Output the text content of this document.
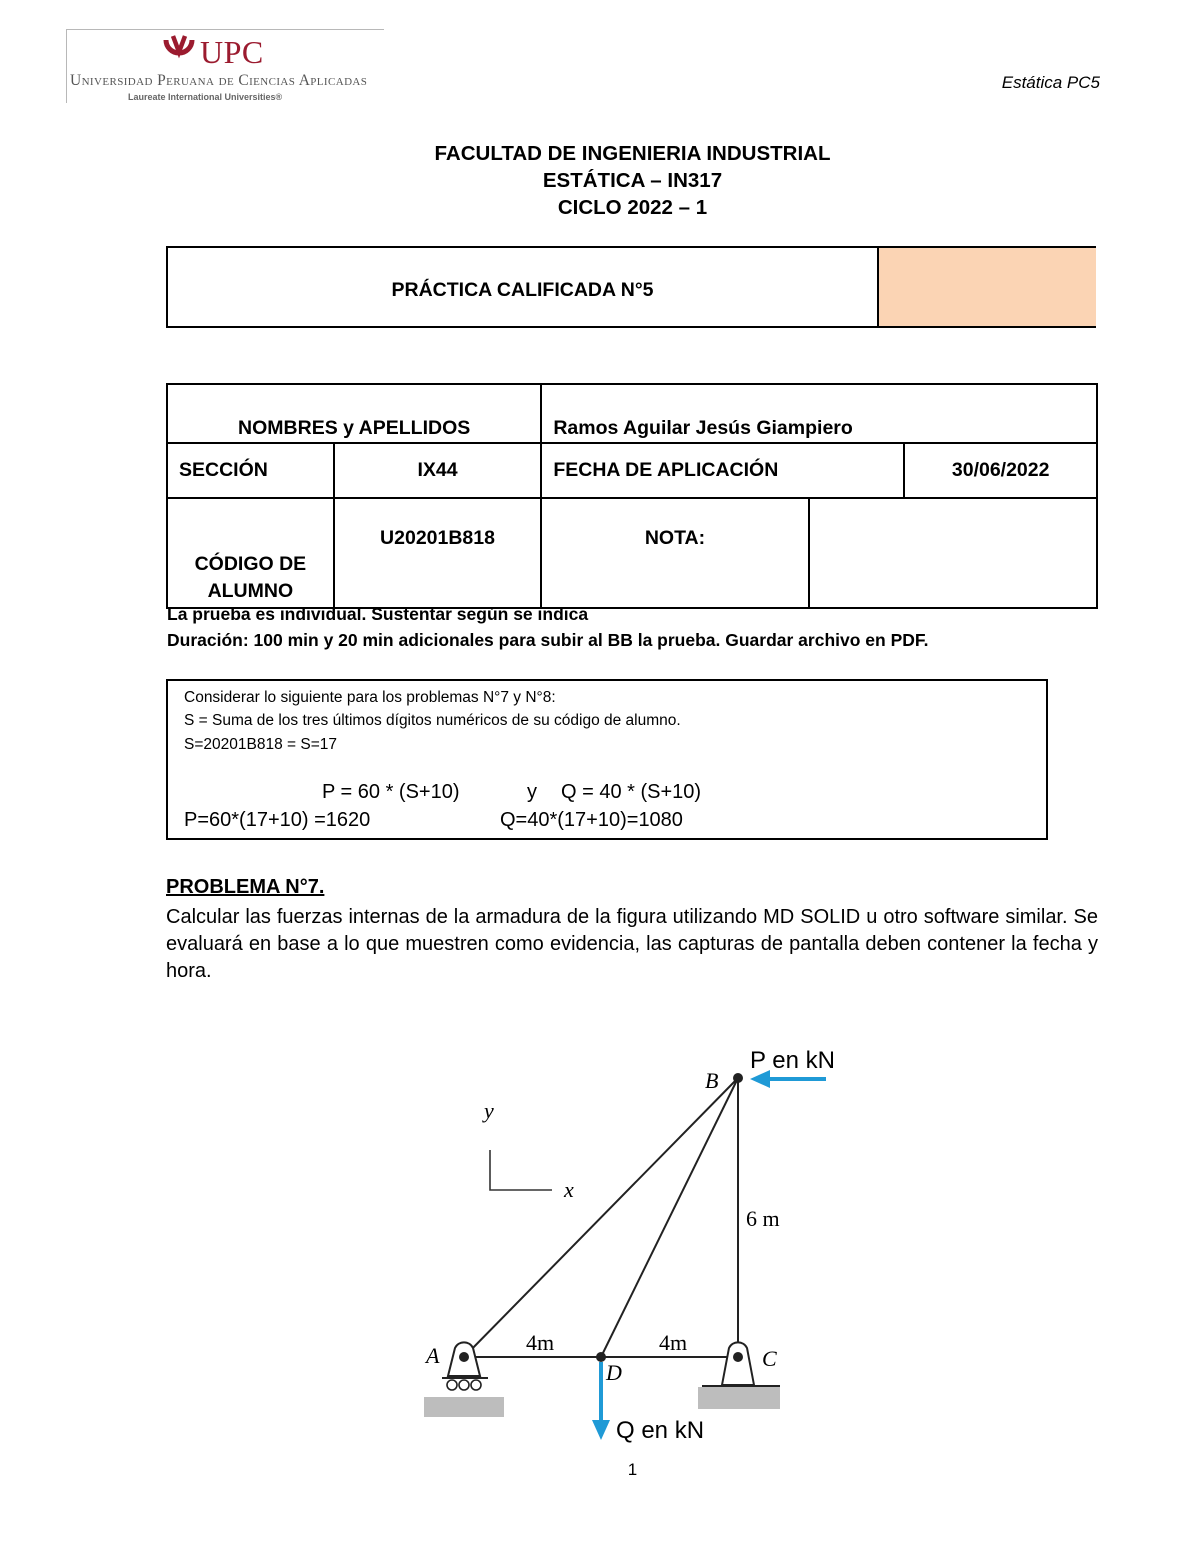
UPC
Universidad Peruana de Ciencias Aplicadas
Laureate International Universities®
Estática PC5
FACULTAD DE INGENIERIA INDUSTRIAL
ESTÁTICA – IN317
CICLO 2022 – 1
PRÁCTICA CALIFICADA N°5
NOMBRES y APELLIDOS		Ramos Aguilar Jesús Giampiero		
SECCIÓN	IX44	FECHA DE APLICACIÓN		30/06/2022
CÓDIGO DE ALUMNO	U20201B818	NOTA:		
La prueba es individual. Sustentar según se indica
Duración: 100 min y 20 min adicionales para subir al BB la prueba. Guardar archivo en PDF.
Considerar lo siguiente para los problemas N°7 y N°8:
S = Suma de los tres últimos dígitos numéricos de su código de alumno.
S=20201B818 = S=17
P = 60 * (S+10)	y Q = 40 * (S+10)
P=60*(17+10) =1620	Q=40*(17+10)=1080
PROBLEMA N°7.
Calcular las fuerzas internas de la armadura de la figura utilizando MD SOLID u otro software similar. Se evaluará en base a lo que muestren como evidencia, las capturas de pantalla deben contener la fecha y hora.
y
x
A
B
C
D
6 m
4m	4m
P en kN
Q en kN
1
